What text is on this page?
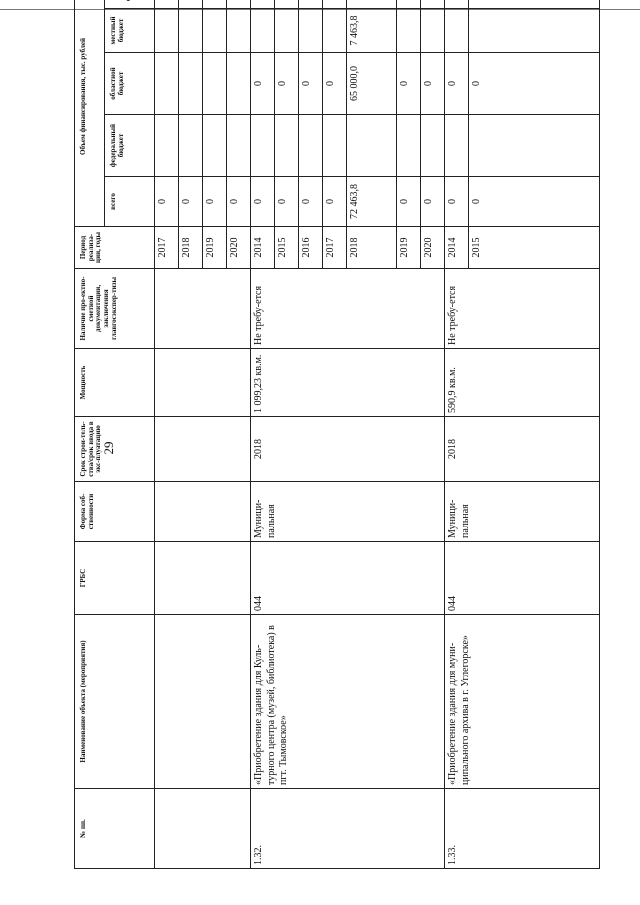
29
№ пп.	Наименование объекта (мероприятия)	ГРБС	Форма соб-ственности	Срок строи-тель-ства/срок ввода в экс-плуатацию	Мощность	Наличие про-ектно-сметной документации, заключения главгосэкспер-тизы	Период реализа-ции, годы	Объем финансирования, тыс. рублей	
								всего	федеральный бюджет	областной бюджет	местный бюджет	
							2017	0					
							2018	0					
							2019	0					
							2020	0					
1.32.	«Приобретение здания для Куль-турного центра (музей, библиотека) в пгт. Тымовское»	044	Муници-пальная	2018	1 099,23 кв.м.	Не требу-ется	2014	0		0			
							2015	0		0			
							2016	0		0			
							2017	0		0			
							2018	72 463,8		65 000,0	7 463,8		
							2019	0		0			
							2020	0		0			
1.33.	«Приобретение здания для муни-ципального архива в г. Углегорске»	044	Муници-пальная	2018	590,9 кв.м.	Не требу-ется	2014	0		0			
							2015	0		0			
